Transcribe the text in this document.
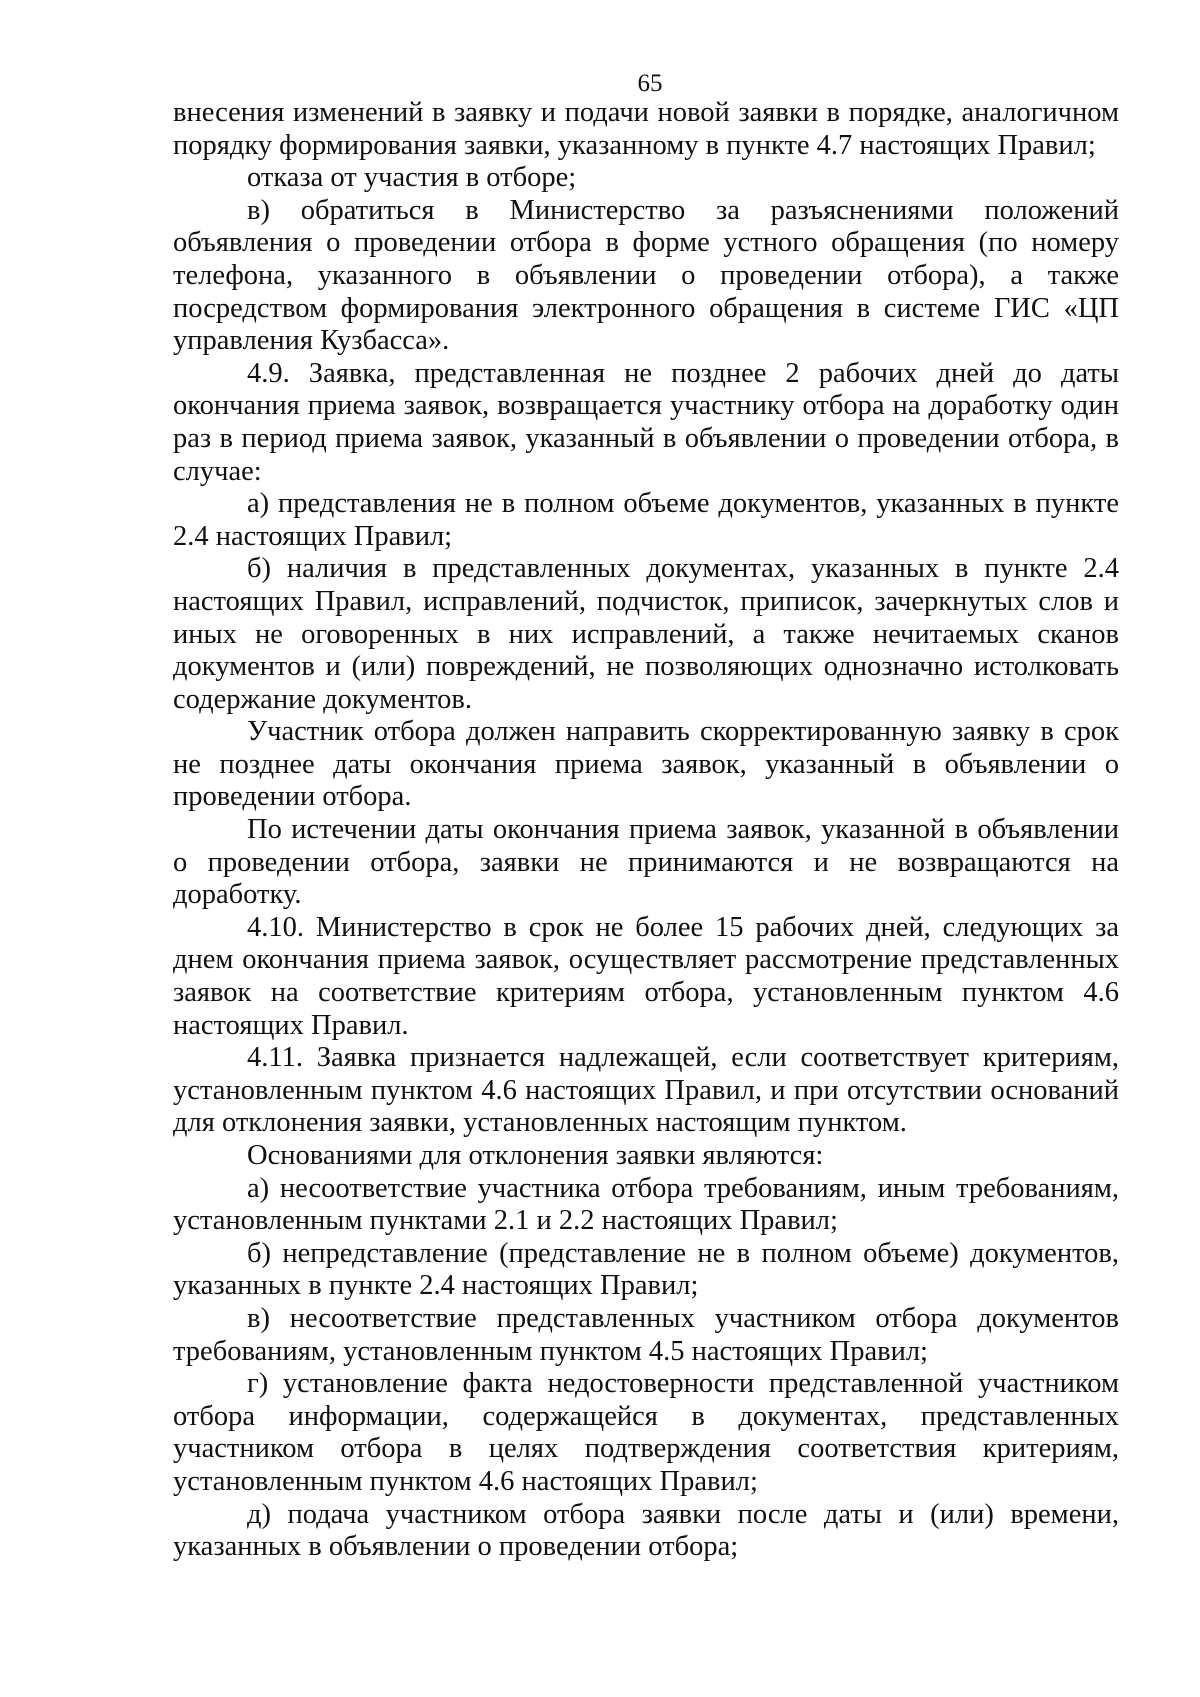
65

внесения изменений в заявку и подачи новой заявки в порядке, аналогичном порядку формирования заявки, указанному в пункте 4.7 настоящих Правил;

отказа от участия в отборе;

в) обратиться в Министерство за разъяснениями положений объявления о проведении отбора в форме устного обращения (по номеру телефона, указанного в объявлении о проведении отбора), а также посредством формирования электронного обращения в системе ГИС «ЦП управления Кузбасса».

4.9. Заявка, представленная не позднее 2 рабочих дней до даты окончания приема заявок, возвращается участнику отбора на доработку один раз в период приема заявок, указанный в объявлении о проведении отбора, в случае:

а) представления не в полном объеме документов, указанных в пункте 2.4 настоящих Правил;

б) наличия в представленных документах, указанных в пункте 2.4 настоящих Правил, исправлений, подчисток, приписок, зачеркнутых слов и иных не оговоренных в них исправлений, а также нечитаемых сканов документов и (или) повреждений, не позволяющих однозначно истолковать содержание документов.

Участник отбора должен направить скорректированную заявку в срок не позднее даты окончания приема заявок, указанный в объявлении о проведении отбора.

По истечении даты окончания приема заявок, указанной в объявлении о проведении отбора, заявки не принимаются и не возвращаются на доработку.

4.10. Министерство в срок не более 15 рабочих дней, следующих за днем окончания приема заявок, осуществляет рассмотрение представленных заявок на соответствие критериям отбора, установленным пунктом 4.6 настоящих Правил.

4.11. Заявка признается надлежащей, если соответствует критериям, установленным пунктом 4.6 настоящих Правил, и при отсутствии оснований для отклонения заявки, установленных настоящим пунктом.

Основаниями для отклонения заявки являются:

а) несоответствие участника отбора требованиям, иным требованиям, установленным пунктами 2.1 и 2.2 настоящих Правил;

б) непредставление (представление не в полном объеме) документов, указанных в пункте 2.4 настоящих Правил;

в) несоответствие представленных участником отбора документов требованиям, установленным пунктом 4.5 настоящих Правил;

г) установление факта недостоверности представленной участником отбора информации, содержащейся в документах, представленных участником отбора в целях подтверждения соответствия критериям, установленным пунктом 4.6 настоящих Правил;

д) подача участником отбора заявки после даты и (или) времени, указанных в объявлении о проведении отбора;
